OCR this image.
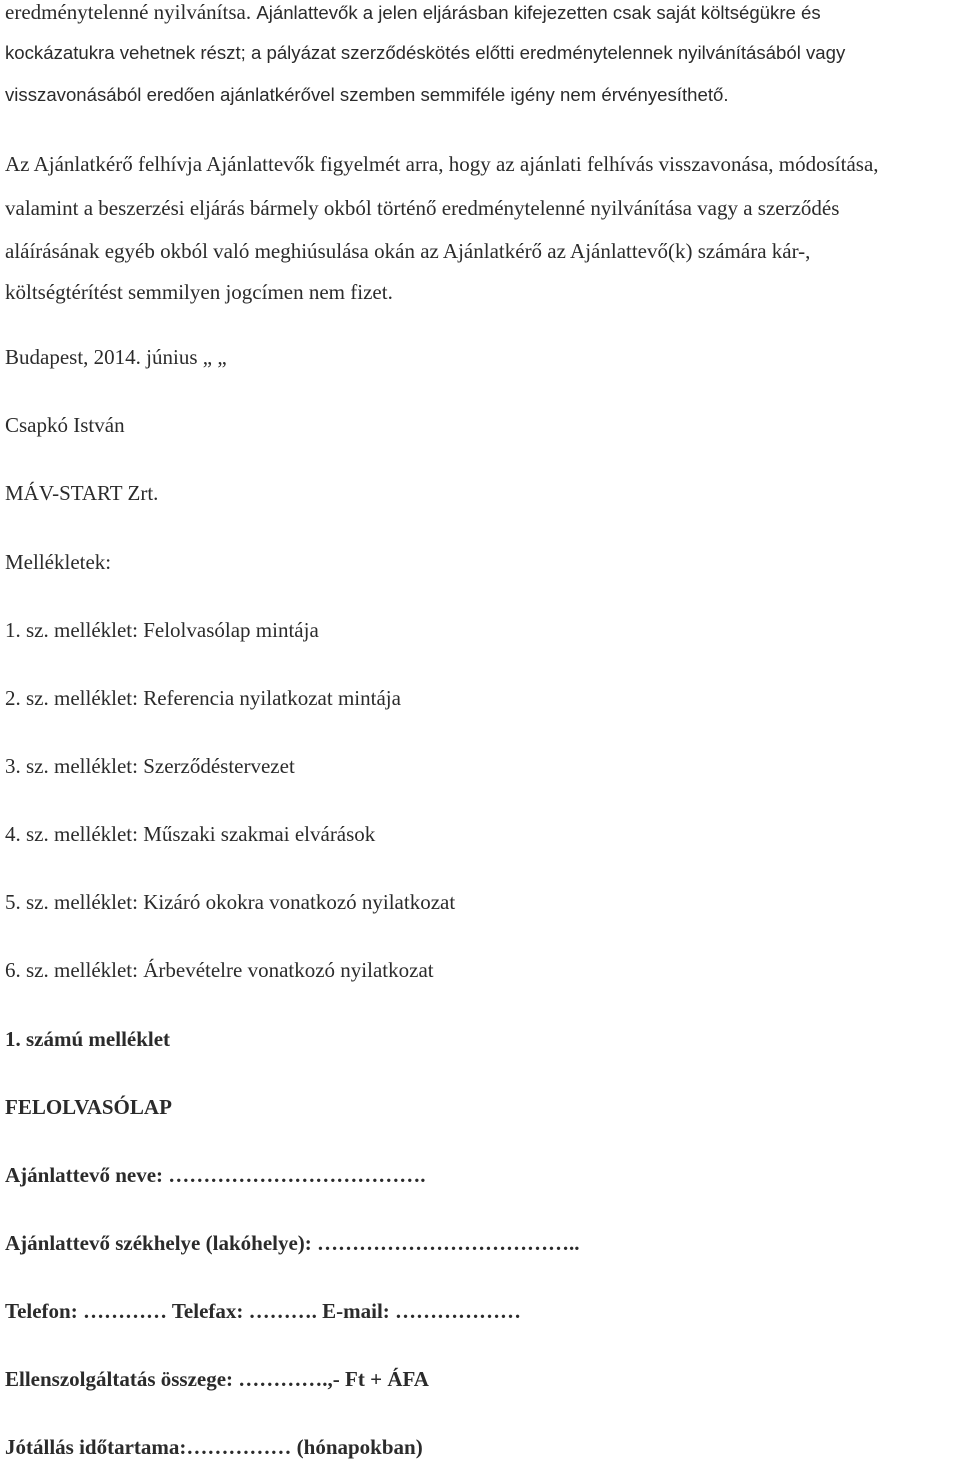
eredménytelenné nyilvánítsa. Ajánlattevők a jelen eljárásban kifejezetten csak saját költségükre és
kockázatukra vehetnek részt; a pályázat szerződéskötés előtti eredménytelennek nyilvánításából vagy
visszavonásából eredően ajánlatkérővel szemben semmiféle igény nem érvényesíthető.
Az Ajánlatkérő felhívja Ajánlattevők figyelmét arra, hogy az ajánlati felhívás visszavonása, módosítása,
valamint a beszerzési eljárás bármely okból történő eredménytelenné nyilvánítása vagy a szerződés
aláírásának egyéb okból való meghiúsulása okán az Ajánlatkérő az Ajánlattevő(k) számára kár-,
költségtérítést semmilyen jogcímen nem fizet.
Budapest, 2014. június „ „
Csapkó István
MÁV-START Zrt.
Mellékletek:
1. sz. melléklet: Felolvasólap mintája
2. sz. melléklet: Referencia nyilatkozat mintája
3. sz. melléklet: Szerződéstervezet
4. sz. melléklet: Műszaki szakmai elvárások
5. sz. melléklet: Kizáró okokra vonatkozó nyilatkozat
6. sz. melléklet: Árbevételre vonatkozó nyilatkozat
1. számú melléklet
FELOLVASÓLAP
Ajánlattevő neve: ……………………………….
Ajánlattevő székhelye (lakóhelye): ………………………………..
Telefon: ………… Telefax: ………. E-mail: ………………
Ellenszolgáltatás összege: ………….,- Ft + ÁFA
Jótállás időtartama:…………… (hónapokban)
